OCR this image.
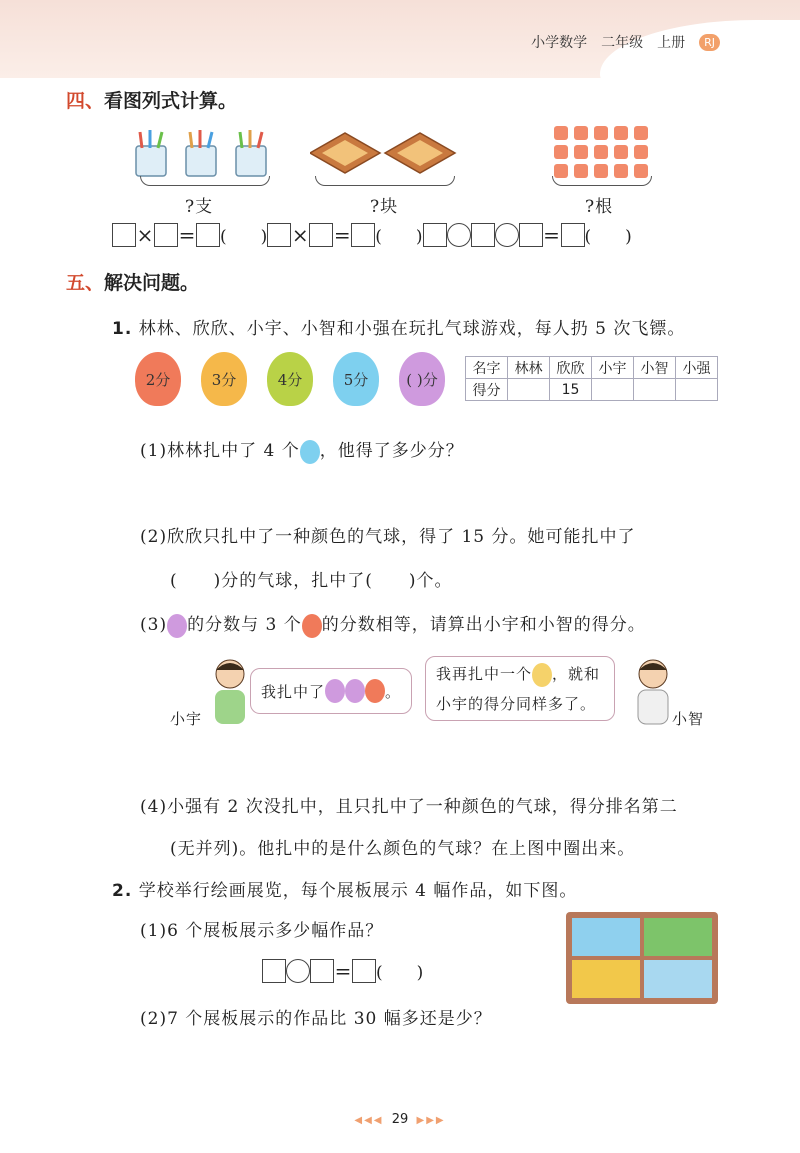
小学数学 二年级 上册	RJ
四、看图列式计算。
?支	?块	?根
× = (　　) × = (　　)	= (　　)
五、解决问题。
1. 林林、欣欣、小宇、小智和小强在玩扎气球游戏，每人扔 5 次飞镖。
2分	3分	4分	5分	( )分
名字	林林	欣欣	小宇	小智	小强
得分		15			
(1)林林扎中了 4 个 ，他得了多少分？
(2)欣欣只扎中了一种颜色的气球，得了 15 分。她可能扎中了
(　　)分的气球，扎中了(　　)个。
(3) 的分数与 3 个 的分数相等，请算出小宇和小智的得分。
小宇
我扎中了	。
我再扎中一个 ，就和
小宇的得分同样多了。
小智
(4)小强有 2 次没扎中，且只扎中了一种颜色的气球，得分排名第二
(无并列)。他扎中的是什么颜色的气球？在上图中圈出来。
2. 学校举行绘画展览，每个展板展示 4 幅作品，如下图。
(1)6 个展板展示多少幅作品？
= (　　)
(2)7 个展板展示的作品比 30 幅多还是少？
◀◀◀ 29 ▶▶▶
